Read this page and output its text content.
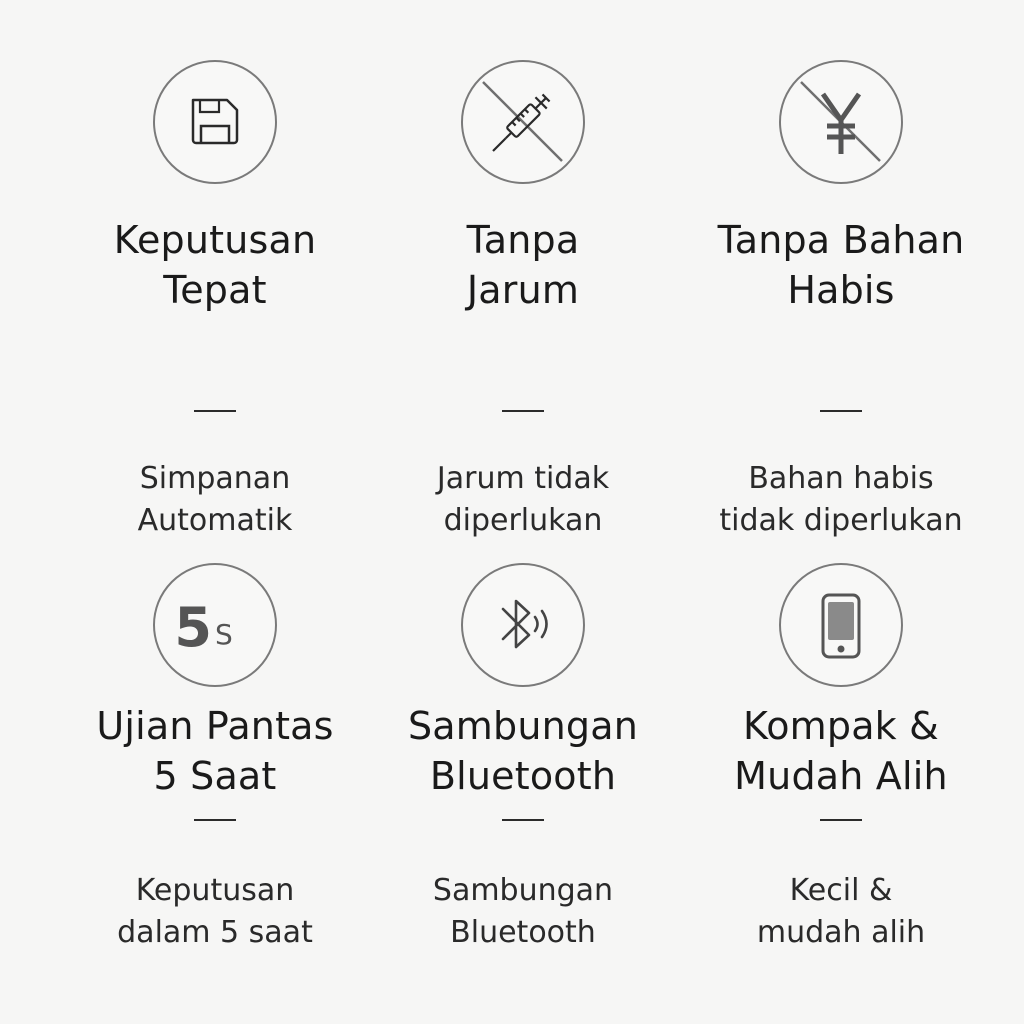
Keputusan
Tepat
Simpanan
Automatik
Tanpa
Jarum
Jarum tidak
diperlukan
Tanpa Bahan
Habis
Bahan habis
tidak diperlukan
5 S
Ujian Pantas
5 Saat
Keputusan
dalam 5 saat
Sambungan
Bluetooth
Sambungan
Bluetooth
Kompak &
Mudah Alih
Kecil &
mudah alih
